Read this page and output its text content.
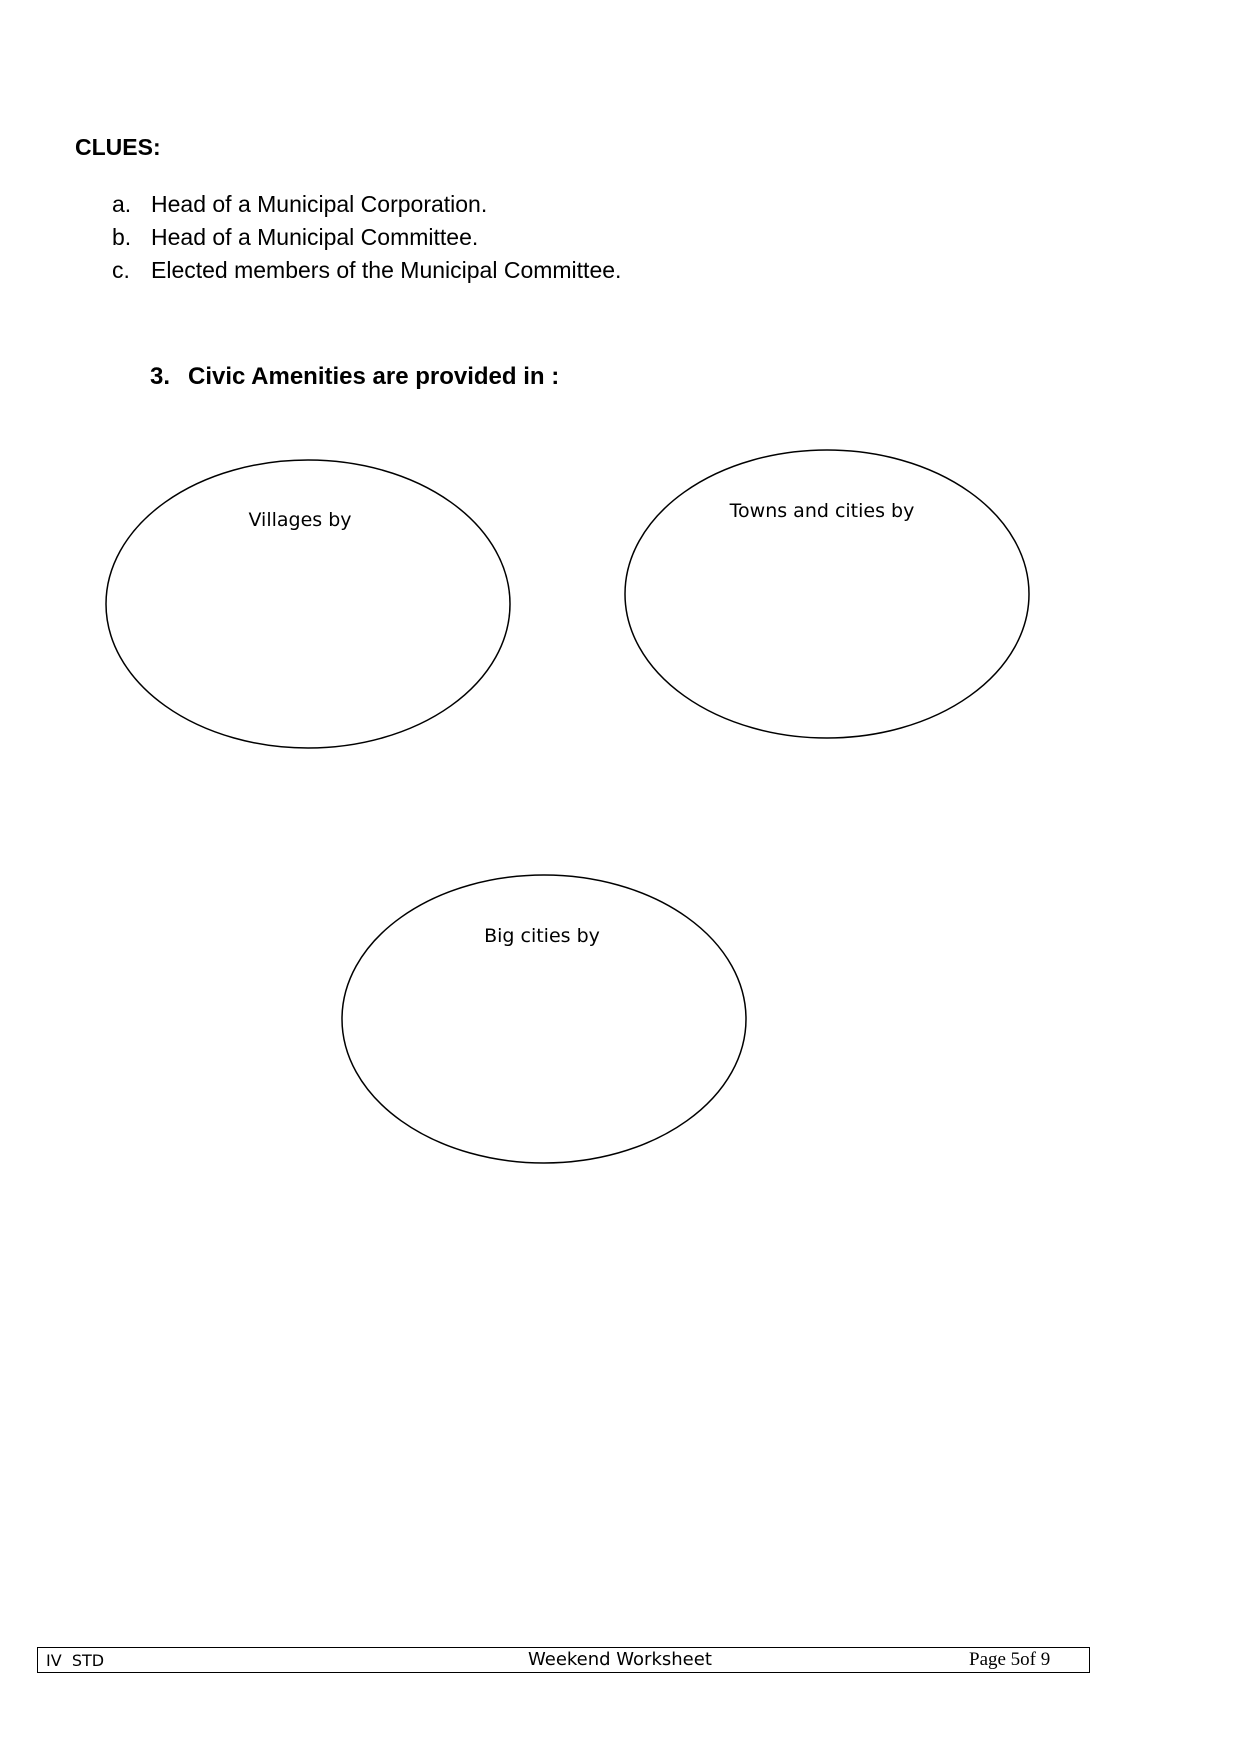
CLUES:
a. Head of a Municipal Corporation.
b. Head of a Municipal Committee.
c. Elected members of the Municipal Committee.
3. Civic Amenities are provided in :
Villages by	Towns and cities by
Big cities by
IV  STD	Weekend Worksheet	Page 5of 9
